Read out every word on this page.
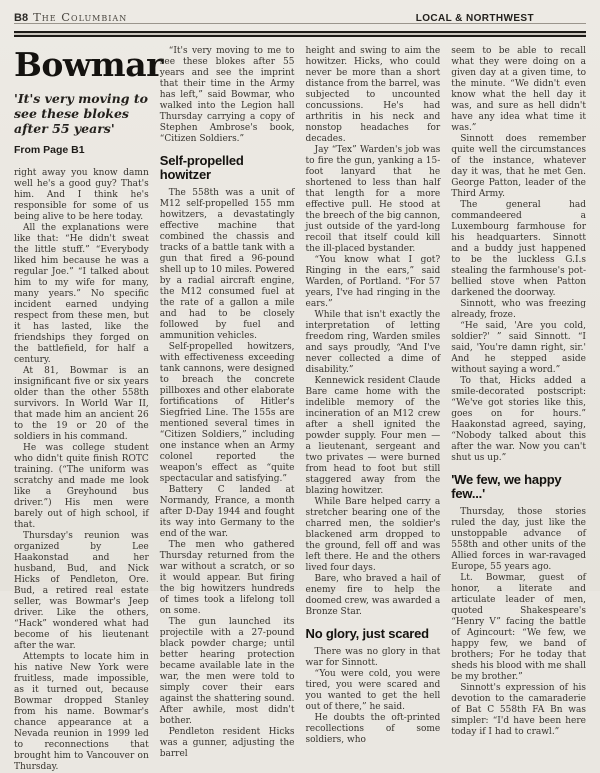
B8 The Columbian	LOCAL & NORTHWEST
Bowmar
'It's very moving to see these blokes after 55 years'
From Page B1

right away you know damn well he's a good guy? That's him. And I think he's responsible for some of us being alive to be here today.

All the explanations were like that: “He didn't sweat the little stuff.” “Everybody liked him because he was a regular Joe.” “I talked about him to my wife for many, many years.” No specific incident earned undying respect from these men, but it has lasted, like the friendships they forged on the battlefield, for half a century.

At 81, Bowmar is an insignificant five or six years older than the other 558th survivors. In World War II, that made him an ancient 26 to the 19 or 20 of the soldiers in his command.

He was college student who didn't quite finish ROTC training. (“The uniform was scratchy and made me look like a Greyhound bus driver.”) His men were barely out of high school, if that.

Thursday's reunion was organized by Lee Haakonstad and her husband, Bud, and Nick Hicks of Pendleton, Ore. Bud, a retired real estate seller, was Bowmar's Jeep driver. Like the others, “Hack” wondered what had become of his lieutenant after the war.

Attempts to locate him in his native New York were fruitless, made impossible, as it turned out, because Bowmar dropped Stanley from his name. Bowmar's chance appearance at a Nevada reunion in 1999 led to reconnections that brought him to Vancouver on Thursday.

“It's very moving to me to see these blokes after 55 years and see the imprint that their time in the Army has left,” said Bowmar, who walked into the Legion hall Thursday carrying a copy of Stephen Ambrose's book, “Citizen Soldiers.”

Self-propelled howitzer

The 558th was a unit of M12 self-propelled 155 mm howitzers, a devastatingly effective machine that combined the chassis and tracks of a battle tank with a gun that fired a 96-pound shell up to 10 miles. Powered by a radial aircraft engine, the M12 consumed fuel at the rate of a gallon a mile and had to be closely followed by fuel and ammunition vehicles.

Self-propelled howitzers, with effectiveness exceeding tank cannons, were designed to breach the concrete pillboxes and other elaborate fortifications of Hitler's Siegfried Line. The 155s are mentioned several times in “Citizen Soldiers,” including one instance when an Army colonel reported the weapon's effect as “quite spectacular and satisfying.”

Battery C landed at Normandy, France, a month after D-Day 1944 and fought its way into Germany to the end of the war.

The men who gathered Thursday returned from the war without a scratch, or so it would appear. But firing the big howitzers hundreds of times took a lifelong toll on some.

The gun launched its projectile with a 27-pound black powder charge; until better hearing protection became available late in the war, the men were told to simply cover their ears against the shattering sound. After awhile, most didn't bother.

Pendleton resident Hicks was a gunner, adjusting the barrel

height and swing to aim the howitzer. Hicks, who could never be more than a short distance from the barrel, was subjected to uncounted concussions. He's had arthritis in his neck and nonstop headaches for decades.

Jay “Tex” Warden's job was to fire the gun, yanking a 15-foot lanyard that he shortened to less than half that length for a more effective pull. He stood at the breech of the big cannon, just outside of the yard-long recoil that itself could kill the ill-placed bystander.

“You know what I got? Ringing in the ears,” said Warden, of Portland. “For 57 years, I've had ringing in the ears.”

While that isn't exactly the interpretation of letting freedom ring, Warden smiles and says proudly, “And I've never collected a dime of disability.”

Kennewick resident Claude Bare came home with the indelible memory of the incineration of an M12 crew after a shell ignited the powder supply. Four men — a lieutenant, sergeant and two privates — were burned from head to foot but still staggered away from the blazing howitzer.

While Bare helped carry a stretcher bearing one of the charred men, the soldier's blackened arm dropped to the ground, fell off and was left there. He and the others lived four days.

Bare, who braved a hail of enemy fire to help the doomed crew, was awarded a Bronze Star.

No glory, just scared

There was no glory in that war for Sinnott.

“You were cold, you were tired, you were scared and you wanted to get the hell out of there,” he said.

He doubts the oft-printed recollections of some soldiers, who

seem to be able to recall what they were doing on a given day at a given time, to the minute. “We didn't even know what the hell day it was, and sure as hell didn't have any idea what time it was.”

Sinnott does remember quite well the circumstances of the instance, whatever day it was, that he met Gen. George Patton, leader of the Third Army.

The general had commandeered a Luxembourg farmhouse for his headquarters. Sinnott and a buddy just happened to be the luckless G.I.s stealing the farmhouse's pot-bellied stove when Patton darkened the doorway.

Sinnott, who was freezing already, froze.

“He said, 'Are you cold, soldier?' ” said Sinnott. “I said, 'You're damn right, sir.' And he stepped aside without saying a word.”

To that, Hicks added a smile-decorated postscript: “We've got stories like this, goes on for hours.” Haakonstad agreed, saying, “Nobody talked about this after the war. Now you can't shut us up.”

'We few, we happy few...'

Thursday, those stories ruled the day, just like the unstoppable advance of 558th and other units of the Allied forces in war-ravaged Europe, 55 years ago.

Lt. Bowmar, guest of honor, a literate and articulate leader of men, quoted Shakespeare's “Henry V” facing the battle of Agincourt: “We few, we happy few, we band of brothers; For he today that sheds his blood with me shall be my brother.”

Sinnott's expression of his devotion to the camaraderie of Bat C 558th FA Bn was simpler: “I'd have been here today if I had to crawl.”
